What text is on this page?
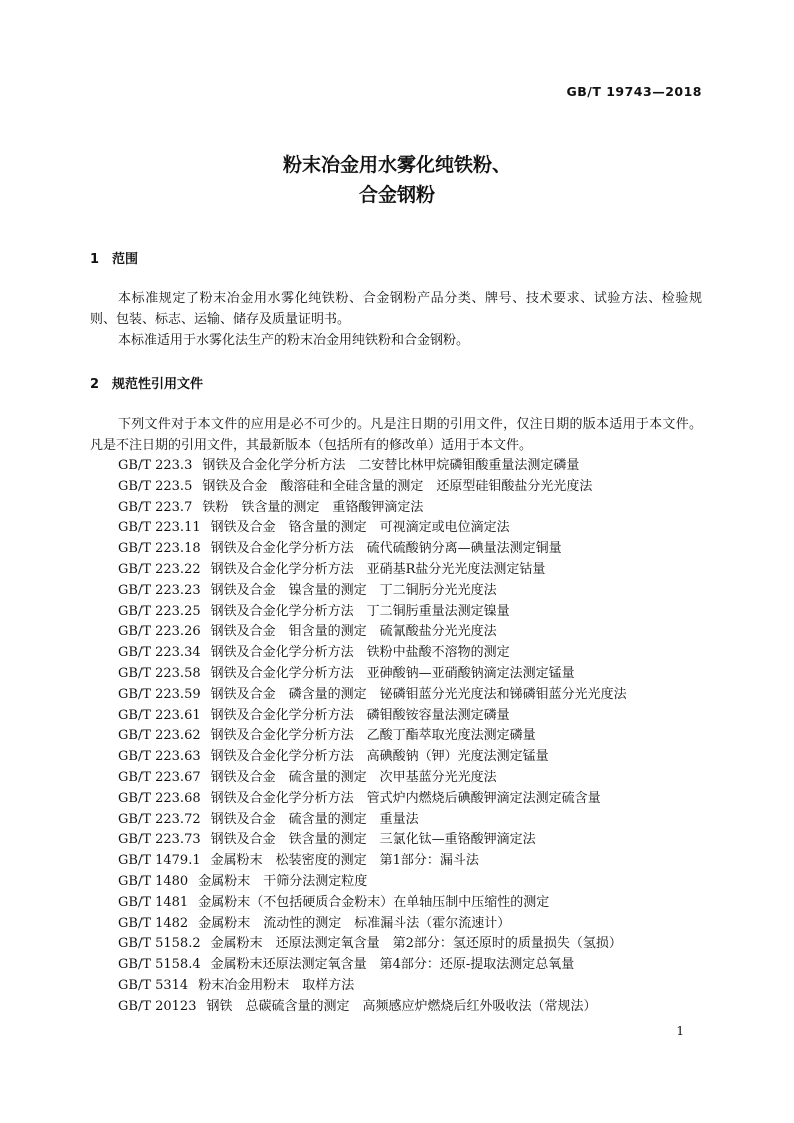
GB/T 19743—2018
粉末冶金用水雾化纯铁粉、
合金钢粉
1 范围
本标准规定了粉末冶金用水雾化纯铁粉、合金钢粉产品分类、牌号、技术要求、试验方法、检验规则、包装、标志、运输、储存及质量证明书。
本标准适用于水雾化法生产的粉末冶金用纯铁粉和合金钢粉。
2 规范性引用文件
下列文件对于本文件的应用是必不可少的。凡是注日期的引用文件，仅注日期的版本适用于本文件。凡是不注日期的引用文件，其最新版本（包括所有的修改单）适用于本文件。
GB/T 223.3 钢铁及合金化学分析方法　二安替比林甲烷磷钼酸重量法测定磷量
GB/T 223.5 钢铁及合金　酸溶硅和全硅含量的测定　还原型硅钼酸盐分光光度法
GB/T 223.7 铁粉　铁含量的测定　重铬酸钾滴定法
GB/T 223.11 钢铁及合金　铬含量的测定　可视滴定或电位滴定法
GB/T 223.18 钢铁及合金化学分析方法　硫代硫酸钠分离—碘量法测定铜量
GB/T 223.22 钢铁及合金化学分析方法　亚硝基R盐分光光度法测定钴量
GB/T 223.23 钢铁及合金　镍含量的测定　丁二铜肟分光光度法
GB/T 223.25 钢铁及合金化学分析方法　丁二铜肟重量法测定镍量
GB/T 223.26 钢铁及合金　钼含量的测定　硫氰酸盐分光光度法
GB/T 223.34 钢铁及合金化学分析方法　铁粉中盐酸不溶物的测定
GB/T 223.58 钢铁及合金化学分析方法　亚砷酸钠—亚硝酸钠滴定法测定锰量
GB/T 223.59 钢铁及合金　磷含量的测定　铋磷钼蓝分光光度法和锑磷钼蓝分光光度法
GB/T 223.61 钢铁及合金化学分析方法　磷钼酸铵容量法测定磷量
GB/T 223.62 钢铁及合金化学分析方法　乙酸丁酯萃取光度法测定磷量
GB/T 223.63 钢铁及合金化学分析方法　高碘酸钠（钾）光度法测定锰量
GB/T 223.67 钢铁及合金　硫含量的测定　次甲基蓝分光光度法
GB/T 223.68 钢铁及合金化学分析方法　管式炉内燃烧后碘酸钾滴定法测定硫含量
GB/T 223.72 钢铁及合金　硫含量的测定　重量法
GB/T 223.73 钢铁及合金　铁含量的测定　三氯化钛—重铬酸钾滴定法
GB/T 1479.1 金属粉末　松装密度的测定　第1部分：漏斗法
GB/T 1480 金属粉末　干筛分法测定粒度
GB/T 1481 金属粉末（不包括硬质合金粉末）在单轴压制中压缩性的测定
GB/T 1482 金属粉末　流动性的测定　标准漏斗法（霍尔流速计）
GB/T 5158.2 金属粉末　还原法测定氧含量　第2部分：氢还原时的质量损失（氢损）
GB/T 5158.4 金属粉末还原法测定氧含量　第4部分：还原-提取法测定总氧量
GB/T 5314 粉末冶金用粉末　取样方法
GB/T 20123 钢铁　总碳硫含量的测定　高频感应炉燃烧后红外吸收法（常规法）
1
